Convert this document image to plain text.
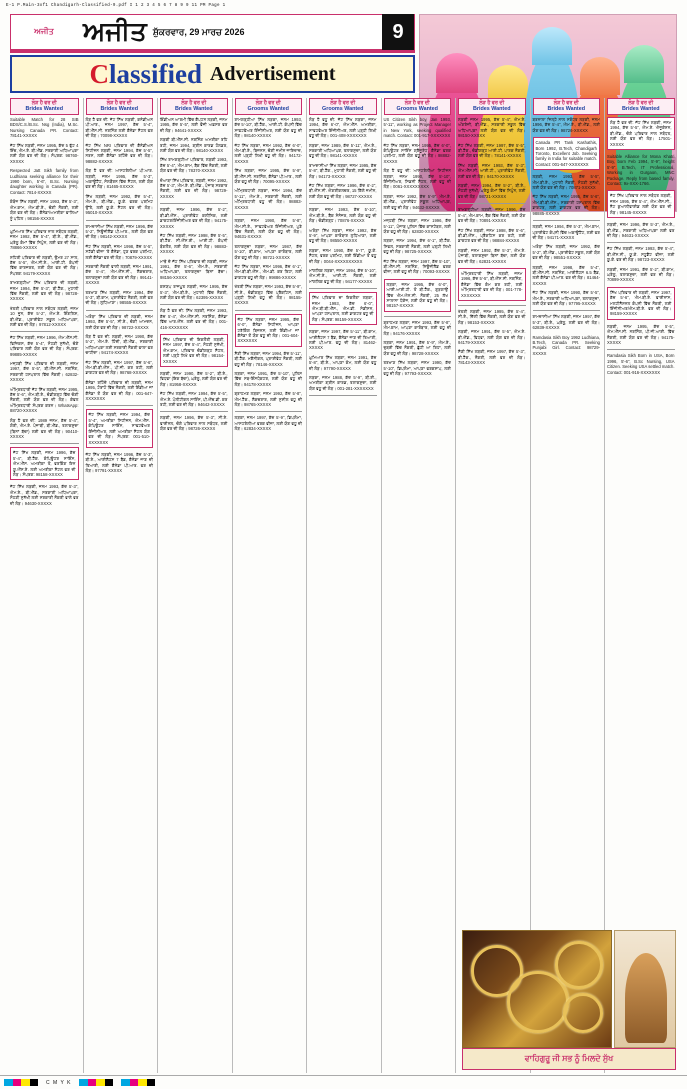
E-1 P.Main-3of1 Chandigarh-Classified-9.pdf I 1 2 3 4 5 6 7 8 9 9 11 PM Page 1
ਅਜੀਤ	ਅਜੀਤ ਸ਼ੁੱਕਰਵਾਰ, 29 ਮਾਰਚ 2026	9
Classified Advertisement
ਲੋੜ ਹੈ ਵਰ ਦੀ
Brides Wanted
Suitable Match for 28 SIB BDS/C.S./B.Sc. Nsg (India), M.Sc. Nursing Canada PR. Contact: 78141-XXXXX
ਜੱਟ ਸਿੱਖ ਲੜਕੀ, ਜਨਮ 1995, ਕੱਦ 5 ਫੁੱਟ 4 ਇੰਚ, ਐਮ.ਏ. ਬੀ.ਐੱਡ. ਸਰਕਾਰੀ ਅਧਿਆਪਕਾ ਲਈ ਯੋਗ ਵਰ ਦੀ ਲੋੜ। ਸੰਪਰਕ: 98760-XXXXX
Respected Jatt Sikh family from Ludhiana seeking alliance for their 1990 born, 5'-6", B.Sc. Nursing daughter working in Canada (PR). Contact: 7814-XXXXX
ਕੰਬੋਜ ਸਿੱਖ ਲੜਕੀ, ਜਨਮ 1993, ਕੱਦ 5'-3", ਐਮ.ਕਾਮ, ਐਮ.ਬੀ.ਏ., ਚੰਗੀ ਨੌਕਰੀ, ਲਈ ਯੋਗ ਵਰ ਦੀ ਲੋੜ। ਕੈਨੇਡਾ/ਅਮਰੀਕਾ ਵਾਲਿਆਂ ਨੂੰ ਪਹਿਲ। 98156-XXXXX
ਘੁਮਿਆਰ ਸਿੱਖ ਪਰਿਵਾਰ ਨਾਲ ਸਬੰਧਤ ਲੜਕੀ, ਜਨਮ 1992, ਕੱਦ 5'-4", ਬੀ.ਏ., ਬੀ.ਐੱਡ., ਘਰੇਲੂ ਕੰਮਾਂ ਵਿੱਚ ਨਿਪੁੰਨ, ਲਈ ਵਰ ਦੀ ਲੋੜ। 78866-XXXXX
ਸ਼ਹਿਰੀ ਪਰਿਵਾਰ ਦੀ ਲੜਕੀ, ਉਮਰ 27 ਸਾਲ, ਕੱਦ 5'-5", ਐਮ.ਸੀ.ਏ., ਆਈ.ਟੀ. ਕੰਪਨੀ ਵਿੱਚ ਕਾਰਜਰਤ, ਲਈ ਯੋਗ ਵਰ ਦੀ ਲੋੜ। ਸੰਪਰਕ: 94179-XXXXX
ਰਾਮਗੜ੍ਹੀਆ ਸਿੱਖ ਪਰਿਵਾਰ ਦੀ ਲੜਕੀ, ਜਨਮ 1994, ਕੱਦ 5'-3", ਬੀ.ਟੈੱਕ., ਮੁਹਾਲੀ ਵਿੱਚ ਨੌਕਰੀ, ਲਈ ਵਰ ਦੀ ਲੋੜ। 98728-XXXXX
ਖੱਤਰੀ ਪਰਿਵਾਰ ਨਾਲ ਸਬੰਧਤ ਲੜਕੀ, ਜਨਮ 10 ਜੂਨ, ਕੱਦ 5'-2", ਐਮ.ਏ. ਇੰਗਲਿਸ਼, ਬੀ.ਐੱਡ., ਪ੍ਰਾਈਵੇਟ ਸਕੂਲ ਅਧਿਆਪਕਾ, ਲਈ ਵਰ ਦੀ ਲੋੜ। 97812-XXXXX
ਜੱਟ ਸਿੱਖ ਲੜਕੀ, ਜਨਮ 1996, ਐਮ.ਐੱਸ.ਸੀ. ਫਿਜ਼ਿਕਸ, ਕੱਦ 5'-4", ਸੋਹਣੀ ਸੁਨੱਖੀ, ਚੰਗੇ ਪਰਿਵਾਰ ਲਈ ਯੋਗ ਵਰ ਦੀ ਲੋੜ। ਸੰਪਰਕ: 99885-XXXXX
ਮਜ਼੍ਹਬੀ ਸਿੱਖ ਪਰਿਵਾਰ ਦੀ ਲੜਕੀ, ਜਨਮ 1997, ਕੱਦ 5'-5", ਬੀ.ਐੱਸ.ਸੀ. ਨਰਸਿੰਗ, ਸਰਕਾਰੀ ਹਸਪਤਾਲ ਵਿੱਚ ਨੌਕਰੀ। 62832-XXXXX
ਅੰਮ੍ਰਿਤਧਾਰੀ ਜੱਟ ਸਿੱਖ ਲੜਕੀ, ਜਨਮ 1995, ਕੱਦ 5'-6", ਐਮ.ਬੀ.ਏ., ਚੰਡੀਗੜ੍ਹ ਵਿੱਚ ਚੰਗੀ ਨੌਕਰੀ, ਲਈ ਯੋਗ ਵਰ ਦੀ ਲੋੜ। ਕੇਵਲ ਅੰਮ੍ਰਿਤਧਾਰੀ ਸੰਪਰਕ ਕਰਨ। WhatsApp: 88720-XXXXX
ਲੋੜ ਹੈ ਵਰ ਦੀ: 1989 ਜਨਮ, ਕੱਦ 5'-4", ਗੋਰੀ, ਐਮ.ਏ. ਪੰਜਾਬੀ, ਬੀ.ਐੱਡ., ਤਲਾਕਸ਼ੁਦਾ (ਬਿਨਾਂ ਬੱਚਾ) ਲਈ ਵਰ ਦੀ ਲੋੜ। 90410-XXXXX
ਜੱਟ ਸਿੱਖ ਲੜਕੀ, ਜਨਮ 1996, ਕੱਦ 5'-4", ਬੀ.ਟੈੱਕ. ਕੰਪਿਊਟਰ ਸਾਇੰਸ, ਐਮ.ਐੱਸ. ਅਮਰੀਕਾ ਤੋਂ, ਵਰਕਿੰਗ ਇਨ ਯੂ.ਐੱਸ.ਏ. ਲਈ ਅਮਰੀਕਾ ਸੈਟਲ ਵਰ ਦੀ ਲੋੜ। ਸੰਪਰਕ: 98158-XXXXX
ਜੱਟ ਸਿੱਖ ਲੜਕੀ, ਜਨਮ 1993, ਕੱਦ 5'-3", ਐਮ.ਏ., ਬੀ.ਐੱਡ., ਸਰਕਾਰੀ ਅਧਿਆਪਕਾ, ਸੋਹਣੀ ਸੁਨੱਖੀ ਲਈ ਸਰਕਾਰੀ ਨੌਕਰੀ ਵਾਲੇ ਵਰ ਦੀ ਲੋੜ। 94630-XXXXX
ਲੋੜ ਹੈ ਵਰ ਦੀ
Brides Wanted
ਲੋੜ ਹੈ ਵਰ ਦੀ: ਜੱਟ ਸਿੱਖ ਲੜਕੀ, ਕਨੇਡੀਅਨ ਪੀ.ਆਰ., ਜਨਮ 1997, ਕੱਦ 5'-4", ਬੀ.ਐੱਸ.ਸੀ. ਨਰਸਿੰਗ ਲਈ ਕੈਨੇਡਾ ਸੈਟਲ ਵਰ ਦੀ ਲੋੜ। 70098-XXXXX
ਜੱਟ ਸਿੱਖ NRI ਪਰਿਵਾਰ ਦੀ ਕੈਨੇਡੀਅਨ ਸਿਟੀਜ਼ਨ ਲੜਕੀ, ਜਨਮ 1994, ਕੱਦ 5'-5", ਨਰਸ, ਲਈ ਕੈਨੇਡਾ ਰਹਿੰਦੇ ਵਰ ਦੀ ਲੋੜ। 98882-XXXXX
ਲੋੜ ਹੈ ਵਰ ਦੀ: ਆਸਟਰੇਲੀਆ ਪੀ.ਆਰ. ਲੜਕੀ, ਜਨਮ 1995, ਕੱਦ 5'-3", ਅਕਾਊਂਟੈਂਟ, ਮੈਲਬੌਰਨ ਵਿੱਚ ਸੈਟਲ, ਲਈ ਯੋਗ ਵਰ ਦੀ ਲੋੜ। 81465-XXXXX
ਸਿੱਖ ਲੜਕੀ, ਜਨਮ 1992, ਕੱਦ 5'-4", ਐਮ.ਏ., ਬੀ.ਐੱਡ., ਯੂ.ਕੇ. ਵਰਕ ਪਰਮਿਟ ਉੱਤੇ, ਲਈ ਯੂ.ਕੇ. ਸੈਟਲ ਵਰ ਦੀ ਲੋੜ। 95010-XXXXX
ਰਾਮਦਾਸੀਆ ਸਿੱਖ ਲੜਕੀ, ਜਨਮ 1996, ਕੱਦ 5'-2", ਨਿਊਜ਼ੀਲੈਂਡ ਪੀ.ਆਰ., ਲਈ ਯੋਗ ਵਰ ਦੀ ਲੋੜ। 98142-XXXXX
ਜੱਟ ਸਿੱਖ ਲੜਕੀ, ਜਨਮ 1998, ਕੱਦ 5'-5", ਸਟੱਡੀ ਵੀਜ਼ਾ 'ਤੇ ਕੈਨੇਡਾ, ਹੁਣ ਵਰਕ ਪਰਮਿਟ, ਲਈ ਕੈਨੇਡਾ ਵਰ ਦੀ ਲੋੜ। 70879-XXXXX
ਸਰਕਾਰੀ ਨੌਕਰੀ ਵਾਲੀ ਲੜਕੀ, ਜਨਮ 1991, ਕੱਦ 5'-4", ਐਮ.ਐੱਸ.ਸੀ., ਲੈਕਚਰਾਰ, ਤਲਾਕਸ਼ੁਦਾ ਲਈ ਯੋਗ ਵਰ ਦੀ ਲੋੜ। 99141-XXXXX
ਤਰਖਾਣ ਸਿੱਖ ਲੜਕੀ, ਜਨਮ 1994, ਕੱਦ 5'-3", ਬੀ.ਕਾਮ, ਪ੍ਰਾਈਵੇਟ ਨੌਕਰੀ, ਲਈ ਵਰ ਦੀ ਲੋੜ। ਲੁਧਿਆਣਾ। 98555-XXXXX
ਅਰੋੜਾ ਸਿੱਖ ਪਰਿਵਾਰ ਦੀ ਲੜਕੀ, ਜਨਮ 1993, ਕੱਦ 5'-5", ਸੀ.ਏ., ਚੰਗੀ ਆਮਦਨ, ਲਈ ਯੋਗ ਵਰ ਦੀ ਲੋੜ। 98722-XXXXX
ਲੋੜ ਹੈ ਵਰ ਦੀ: ਲੜਕੀ, ਜਨਮ 1990, ਕੱਦ 5'-2", ਐਮ.ਏ. ਹਿੰਦੀ, ਬੀ.ਐੱਡ., ਸਰਕਾਰੀ ਅਧਿਆਪਕਾ ਲਈ ਸਰਕਾਰੀ ਨੌਕਰੀ ਵਾਲਾ ਵਰ ਚਾਹੀਦਾ। 94174-XXXXX
ਜੱਟ ਸਿੱਖ ਲੜਕੀ, ਜਨਮ 1997, ਕੱਦ 5'-6", ਐਮ.ਬੀ.ਬੀ.ਐੱਸ., ਪੀ.ਜੀ. ਕਰ ਰਹੀ, ਲਈ ਡਾਕਟਰ ਵਰ ਦੀ ਲੋੜ। 98768-XXXXX
ਕੈਨੇਡਾ ਰਹਿੰਦੇ ਪਰਿਵਾਰ ਦੀ ਲੜਕੀ, ਜਨਮ 1995, ਟੋਰਾਂਟੋ ਵਿੱਚ ਨੌਕਰੀ, ਲਈ ਇੰਡੀਆ ਜਾਂ ਕੈਨੇਡਾ ਤੋਂ ਯੋਗ ਵਰ ਦੀ ਲੋੜ। 001-647-XXXXXXX
ਜੱਟ ਸਿੱਖ ਲੜਕੀ, ਜਨਮ 1994, ਕੱਦ 5'-4", ਅਮਰੀਕਾ ਸਿਟੀਜ਼ਨ, ਐਮ.ਐੱਸ. ਕੰਪਿਊਟਰ ਸਾਇੰਸ, ਸਾਫਟਵੇਅਰ ਇੰਜੀਨੀਅਰ, ਲਈ ਅਮਰੀਕਾ ਸੈਟਲ ਯੋਗ ਵਰ ਦੀ ਲੋੜ। ਸੰਪਰਕ: 001-510-XXXXXXX
ਜੱਟ ਸਿੱਖ ਲੜਕੀ, ਜਨਮ 1996, ਕੱਦ 5'-3", ਬੀ.ਏ., ਆਈਲੈਟਸ 7 ਬੈਂਡ, ਕੈਨੇਡਾ ਜਾਣ ਦੀ ਤਿਆਰੀ, ਲਈ ਕੈਨੇਡਾ ਪੀ.ਆਰ. ਵਰ ਦੀ ਲੋੜ। 97791-XXXXX
ਲੋੜ ਹੈ ਵਰ ਦੀ
Brides Wanted
ਇੰਡੀਅਨ ਆਰਮੀ ਵਿੱਚ ਕੈਪਟਨ ਲੜਕੀ, ਜਨਮ 1995, ਕੱਦ 5'-5", ਲਈ ਫੌਜੀ ਅਫ਼ਸਰ ਵਰ ਦੀ ਲੋੜ। 94641-XXXXX
ਲੜਕੀ ਬੀ.ਐੱਸ.ਸੀ. ਨਰਸਿੰਗ ਅਮਰੀਕਾ ਰਹਿ ਰਹੀ, ਜਨਮ 1994, ਗ੍ਰੀਨ ਕਾਰਡ ਹੋਲਡਰ, ਲਈ ਯੋਗ ਵਰ ਦੀ ਲੋੜ। 98140-XXXXX
ਸਿੱਖ ਰਾਮਗੜ੍ਹੀਆ ਪਰਿਵਾਰ, ਲੜਕੀ 1993, ਕੱਦ 5'-4", ਐਮ.ਕਾਮ, ਬੈਂਕ ਵਿੱਚ ਨੌਕਰੀ, ਲਈ ਯੋਗ ਵਰ ਦੀ ਲੋੜ। 78370-XXXXX
ਦੋਆਬਾ ਸਿੱਖ ਪਰਿਵਾਰ, ਲੜਕੀ, ਜਨਮ 1992, ਕੱਦ 5'-3", ਐਮ.ਏ. ਬੀ.ਐੱਡ., ਪੰਜਾਬ ਸਰਕਾਰ ਨੌਕਰੀ, ਲਈ ਵਰ ਦੀ ਲੋੜ। 98729-XXXXX
ਲੜਕੀ, ਜਨਮ 1996, ਕੱਦ 5'-2", ਬੀ.ਡੀ.ਐੱਸ., ਪ੍ਰਾਈਵੇਟ ਕਲੀਨਿਕ, ਲਈ ਡਾਕਟਰ/ਇੰਜੀਨੀਅਰ ਵਰ ਦੀ ਲੋੜ। 94175-XXXXX
ਜੱਟ ਸਿੱਖ ਲੜਕੀ, ਜਨਮ 1998, ਕੱਦ 5'-5", ਬੀ.ਟੈੱਕ. ਸੀ.ਐੱਸ.ਈ., ਆਈ.ਟੀ. ਕੰਪਨੀ ਬੰਗਲੌਰ, ਲਈ ਯੋਗ ਵਰ ਦੀ ਲੋੜ। 98883-XXXXX
ਮਾਝੇ ਦੇ ਜੱਟ ਸਿੱਖ ਪਰਿਵਾਰ ਦੀ ਲੜਕੀ, ਜਨਮ 1991, ਕੱਦ 5'-6", ਐਮ.ਏ., ਸਰਕਾਰੀ ਅਧਿਆਪਕਾ, ਤਲਾਕਸ਼ੁਦਾ ਬਿਨਾਂ ਬੱਚਾ। 98156-XXXXX
ਕਸ਼ਯਪ ਰਾਜਪੂਤ ਲੜਕੀ, ਜਨਮ 1995, ਕੱਦ 5'-3", ਐਮ.ਬੀ.ਏ., ਮੁਹਾਲੀ ਵਿੱਚ ਨੌਕਰੀ, ਲਈ ਯੋਗ ਵਰ ਦੀ ਲੋੜ। 62395-XXXXX
ਲੋੜ ਹੈ ਵਰ ਦੀ: ਸਿੱਖ ਲੜਕੀ, ਜਨਮ 1993, ਕੱਦ 5'-4", ਐਮ.ਐੱਸ.ਸੀ. ਨਰਸਿੰਗ, ਕੈਨੇਡਾ ਵਿੱਚ ਆਰ.ਐੱਨ. ਲਈ ਵਰ ਦੀ ਲੋੜ। 001-416-XXXXXXX
ਸਿੱਖ ਪਰਿਵਾਰ ਦੀ ਇਕਲੌਤੀ ਲੜਕੀ, ਜਨਮ 1997, ਕੱਦ 5'-4", ਸੋਹਣੀ ਸੁਨੱਖੀ, ਐਮ.ਕਾਮ, ਪਰਿਵਾਰ ਚੰਡੀਗੜ੍ਹ ਸੈਟਲ, ਲਈ ਪੜ੍ਹੇ ਲਿਖੇ ਵਰ ਦੀ ਲੋੜ। 98154-XXXXX
ਲੜਕੀ, ਜਨਮ 1990, ਕੱਦ 5'-2", ਬੀ.ਏ., ਵਿਧਵਾ (ਇਕ ਬੱਚਾ), ਘਰੇਲੂ, ਲਈ ਯੋਗ ਵਰ ਦੀ ਲੋੜ। 81958-XXXXX
ਜੱਟ ਸਿੱਖ ਲੜਕੀ, ਜਨਮ 1994, ਕੱਦ 5'-5", ਐਮ.ਏ. ਪੋਲੀਟੀਕਲ ਸਾਇੰਸ, ਪੀ.ਐੱਚ.ਡੀ. ਕਰ ਰਹੀ, ਲਈ ਵਰ ਦੀ ਲੋੜ। 94642-XXXXX
ਲੜਕੀ, ਜਨਮ 1996, ਕੱਦ 5'-3", ਸੀ.ਏ. ਫਾਈਨਲ, ਚੰਗੇ ਪਰਿਵਾਰ ਨਾਲ ਸਬੰਧਤ, ਲਈ ਯੋਗ ਵਰ ਦੀ ਲੋੜ। 98726-XXXXX
ਲੋੜ ਹੈ ਵਰ ਦੀ
Grooms Wanted
ਰਾਮਗੜ੍ਹੀਆ ਸਿੱਖ ਲੜਕਾ, ਜਨਮ 1993, ਕੱਦ 5'-10", ਬੀ.ਟੈੱਕ., ਆਈ.ਟੀ. ਕੰਪਨੀ ਵਿੱਚ ਸਾਫਟਵੇਅਰ ਇੰਜੀਨੀਅਰ, ਲਈ ਯੋਗ ਵਧੂ ਦੀ ਲੋੜ। 98140-XXXXX
ਜੱਟ ਸਿੱਖ ਲੜਕਾ, ਜਨਮ 1992, ਕੱਦ 6'-0", ਐਮ.ਬੀ.ਏ., ਬਿਜ਼ਨਸ, ਚੰਗੀ ਜ਼ਮੀਨ ਜਾਇਦਾਦ, ਲਈ ਪੜ੍ਹੀ ਲਿਖੀ ਵਧੂ ਦੀ ਲੋੜ। 94172-XXXXX
ਸਿੱਖ ਲੜਕਾ, ਜਨਮ 1995, ਕੱਦ 5'-9", ਬੀ.ਐੱਸ.ਸੀ. ਨਰਸਿੰਗ, ਕੈਨੇਡਾ ਪੀ.ਆਰ., ਲਈ ਯੋਗ ਵਧੂ ਦੀ ਲੋੜ। 70095-XXXXX
ਅੰਮ੍ਰਿਤਧਾਰੀ ਲੜਕਾ, ਜਨਮ 1994, ਕੱਦ 5'-11", ਐਮ.ਏ., ਸਰਕਾਰੀ ਨੌਕਰੀ, ਲਈ ਅੰਮ੍ਰਿਤਧਾਰੀ ਵਧੂ ਦੀ ਲੋੜ। 98883-XXXXX
ਲੜਕਾ, ਜਨਮ 1990, ਕੱਦ 5'-8", ਐਮ.ਸੀ.ਏ., ਸਾਫਟਵੇਅਰ ਇੰਜੀਨੀਅਰ, ਪੁਣੇ ਵਿੱਚ ਨੌਕਰੀ, ਲਈ ਯੋਗ ਵਧੂ ਦੀ ਲੋੜ। 94631-XXXXX
ਤਲਾਕਸ਼ੁਦਾ ਲੜਕਾ, ਜਨਮ 1987, ਕੱਦ 5'-10", ਬੀ.ਕਾਮ, ਆਪਣਾ ਕਾਰੋਬਾਰ, ਲਈ ਯੋਗ ਵਧੂ ਦੀ ਲੋੜ। 98721-XXXXX
ਜੱਟ ਸਿੱਖ ਲੜਕਾ, ਜਨਮ 1996, ਕੱਦ 6'-1", ਐਮ.ਬੀ.ਬੀ.ਐੱਸ., ਐਮ.ਡੀ. ਕਰ ਰਿਹਾ, ਲਈ ਡਾਕਟਰ ਵਧੂ ਦੀ ਲੋੜ। 99886-XXXXX
ਖੱਤਰੀ ਸਿੱਖ ਲੜਕਾ, ਜਨਮ 1993, ਕੱਦ 5'-9", ਸੀ.ਏ., ਚੰਡੀਗੜ੍ਹ ਵਿੱਚ ਪ੍ਰੈਕਟਿਸ, ਲਈ ਪੜ੍ਹੀ ਲਿਖੀ ਵਧੂ ਦੀ ਲੋੜ। 98155-XXXXX
ਜੱਟ ਸਿੱਖ ਲੜਕਾ, ਜਨਮ 1995, ਕੱਦ 6'-0", ਕੈਨੇਡਾ ਸਿਟੀਜ਼ਨ, ਆਪਣਾ ਟਰੱਕਿੰਗ ਬਿਜ਼ਨਸ, ਲਈ ਇੰਡੀਆ ਜਾਂ ਕੈਨੇਡਾ ਤੋਂ ਯੋਗ ਵਧੂ ਦੀ ਲੋੜ। 001-604-XXXXXXX
ਸੈਣੀ ਸਿੱਖ ਲੜਕਾ, ਜਨਮ 1994, ਕੱਦ 5'-11", ਬੀ.ਟੈੱਕ. ਮਕੈਨੀਕਲ, ਪ੍ਰਾਈਵੇਟ ਨੌਕਰੀ, ਲਈ ਵਧੂ ਦੀ ਲੋੜ। 78146-XXXXX
ਲੜਕਾ, ਜਨਮ 1991, ਕੱਦ 5'-10", ਪੁਲਿਸ ਵਿੱਚ ਸਬ-ਇੰਸਪੈਕਟਰ, ਲਈ ਯੋਗ ਵਧੂ ਦੀ ਲੋੜ। 94178-XXXXX
ਬ੍ਰਾਹਮਣ ਲੜਕਾ, ਜਨਮ 1992, ਕੱਦ 5'-8", ਐਮ.ਟੈੱਕ., ਲੈਕਚਰਾਰ, ਲਈ ਸੁਸ਼ੀਲ ਵਧੂ ਦੀ ਲੋੜ। 98765-XXXXX
ਲੜਕਾ, ਜਨਮ 1997, ਕੱਦ 5'-9", ਡਿਪਲੋਮਾ, ਆਸਟਰੇਲੀਆ ਵਰਕ ਵੀਜ਼ਾ, ਲਈ ਯੋਗ ਵਧੂ ਦੀ ਲੋੜ। 62834-XXXXX
ਲੋੜ ਹੈ ਵਰ ਦੀ
Grooms Wanted
ਲੋੜ ਹੈ ਵਧੂ ਦੀ: ਜੱਟ ਸਿੱਖ ਲੜਕਾ, ਜਨਮ 1994, ਕੱਦ 6'-0", ਐਮ.ਐੱਸ. ਅਮਰੀਕਾ, ਸਾਫਟਵੇਅਰ ਇੰਜੀਨੀਅਰ, ਲਈ ਪੜ੍ਹੀ ਲਿਖੀ ਵਧੂ ਦੀ ਲੋੜ। 001-408-XXXXXXX
ਲੜਕਾ, ਜਨਮ 1989, ਕੱਦ 5'-11", ਐਮ.ਏ., ਸਰਕਾਰੀ ਅਧਿਆਪਕ, ਤਲਾਕਸ਼ੁਦਾ, ਲਈ ਯੋਗ ਵਧੂ ਦੀ ਲੋੜ। 98141-XXXXX
ਰਾਮਦਾਸੀਆ ਸਿੱਖ ਲੜਕਾ, ਜਨਮ 1995, ਕੱਦ 5'-8", ਬੀ.ਟੈੱਕ., ਮੁਹਾਲੀ ਨੌਕਰੀ, ਲਈ ਵਧੂ ਦੀ ਲੋੜ। 94173-XXXXX
ਜੱਟ ਸਿੱਖ ਲੜਕਾ, ਜਨਮ 1996, ਕੱਦ 6'-2", ਬੀ.ਐੱਸ.ਸੀ. ਐਗਰੀਕਲਚਰ, 15 ਕਿੱਲੇ ਜ਼ਮੀਨ, ਲਈ ਯੋਗ ਵਧੂ ਦੀ ਲੋੜ। 98727-XXXXX
ਲੜਕਾ, ਜਨਮ 1993, ਕੱਦ 5'-10", ਐਮ.ਬੀ.ਏ., ਬੈਂਕ ਮੈਨੇਜਰ, ਲਈ ਯੋਗ ਵਧੂ ਦੀ ਲੋੜ। ਚੰਡੀਗੜ੍ਹ। 70876-XXXXX
ਅਰੋੜਾ ਸਿੱਖ ਲੜਕਾ, ਜਨਮ 1992, ਕੱਦ 5'-9", ਆਪਣਾ ਕਾਰੋਬਾਰ ਲੁਧਿਆਣਾ, ਲਈ ਵਧੂ ਦੀ ਲੋੜ। 98550-XXXXX
ਲੜਕਾ, ਜਨਮ 1990, ਕੱਦ 5'-7", ਯੂ.ਕੇ. ਸੈਟਲ, ਵਰਕ ਪਰਮਿਟ, ਲਈ ਇੰਡੀਆ ਤੋਂ ਵਧੂ ਦੀ ਲੋੜ। 0044-XXXXXXXXXX
ਮਾਂਗਲਿਕ ਲੜਕਾ, ਜਨਮ 1994, ਕੱਦ 5'-10", ਐਮ.ਸੀ.ਏ., ਆਈ.ਟੀ. ਨੌਕਰੀ, ਲਈ ਮਾਂਗਲਿਕ ਵਧੂ ਦੀ ਲੋੜ। 94177-XXXXX
ਸਿੱਖ ਪਰਿਵਾਰ ਦਾ ਇਕਲੌਤਾ ਲੜਕਾ, ਜਨਮ 1993, ਕੱਦ 6'-0", ਐਮ.ਬੀ.ਬੀ.ਐੱਸ., ਐਮ.ਡੀ. ਮੈਡੀਸਨ, ਆਪਣਾ ਹਸਪਤਾਲ, ਲਈ ਡਾਕਟਰ ਵਧੂ ਦੀ ਲੋੜ। ਸੰਪਰਕ: 98159-XXXXX
ਲੜਕਾ, ਜਨਮ 1997, ਕੱਦ 5'-11", ਬੀ.ਕਾਮ, ਆਈਲੈਟਸ 7 ਬੈਂਡ, ਕੈਨੇਡਾ ਜਾਣ ਦੀ ਤਿਆਰੀ, ਲਈ ਪੀ.ਆਰ. ਵਧੂ ਦੀ ਲੋੜ। 81462-XXXXX
ਘੁਮਿਆਰ ਸਿੱਖ ਲੜਕਾ, ਜਨਮ 1991, ਕੱਦ 5'-8", ਬੀ.ਏ., ਆਪਣਾ ਕੰਮ, ਲਈ ਯੋਗ ਵਧੂ ਦੀ ਲੋੜ। 97790-XXXXX
ਲੜਕਾ, ਜਨਮ 1988, ਕੱਦ 5'-9", ਬੀ.ਈ., ਅਮਰੀਕਾ ਗ੍ਰੀਨ ਕਾਰਡ, ਤਲਾਕਸ਼ੁਦਾ, ਲਈ ਯੋਗ ਵਧੂ ਦੀ ਲੋੜ। 001-281-XXXXXXX
ਲੋੜ ਹੈ ਵਰ ਦੀ
Grooms Wanted
US Citizen Sikh boy, Jan 1993, 5'-11", working as Project Manager in New York, seeking qualified match. Contact: 001-917-XXXXXXX
ਜੱਟ ਸਿੱਖ ਲੜਕਾ, ਜਨਮ 1995, ਕੱਦ 6'-0", ਕੰਪਿਊਟਰ ਸਾਇੰਸ ਗ੍ਰੈਜੂਏਟ, ਕੈਨੇਡਾ ਵਰਕ ਪਰਮਿਟ, ਲਈ ਯੋਗ ਵਧੂ ਦੀ ਲੋੜ। 98882-XXXXX
ਲੋੜ ਹੈ ਵਧੂ ਦੀ: ਆਸਟਰੇਲੀਆ ਸਿਟੀਜ਼ਨ ਲੜਕਾ, ਜਨਮ 1990, ਕੱਦ 5'-10", ਇੰਜੀਨੀਅਰ, ਸਿਡਨੀ ਸੈਟਲ, ਲਈ ਵਧੂ ਦੀ ਲੋੜ। 0061-XXXXXXXXX
ਲੜਕਾ, ਜਨਮ 1992, ਕੱਦ 5'-9", ਐਮ.ਏ. ਬੀ.ਐੱਡ., ਪ੍ਰਾਈਵੇਟ ਸਕੂਲ ਅਧਿਆਪਕ, ਲਈ ਵਧੂ ਦੀ ਲੋੜ। 94632-XXXXX
ਮਜ਼੍ਹਬੀ ਸਿੱਖ ਲੜਕਾ, ਜਨਮ 1996, ਕੱਦ 5'-11", ਪੰਜਾਬ ਪੁਲਿਸ ਵਿੱਚ ਕਾਂਸਟੇਬਲ, ਲਈ ਯੋਗ ਵਧੂ ਦੀ ਲੋੜ। 62830-XXXXX
ਲੜਕਾ, ਜਨਮ 1994, ਕੱਦ 6'-1", ਬੀ.ਟੈੱਕ. ਸਿਵਲ, ਸਰਕਾਰੀ ਨੌਕਰੀ, ਲਈ ਪੜ੍ਹੀ ਲਿਖੀ ਵਧੂ ਦੀ ਲੋੜ। 98725-XXXXX
ਜੱਟ ਸਿੱਖ ਲੜਕਾ, ਜਨਮ 1997, ਕੱਦ 5'-10", ਬੀ.ਐੱਸ.ਸੀ. ਨਰਸਿੰਗ, ਨਿਊਜ਼ੀਲੈਂਡ ਵਰਕ ਵੀਜ਼ਾ, ਲਈ ਵਧੂ ਦੀ ਲੋੜ। 70093-XXXXX
ਲੜਕਾ, ਜਨਮ 1995, ਕੱਦ 6'-0", ਆਈ.ਆਈ.ਟੀ. ਤੋਂ ਬੀ.ਟੈੱਕ., ਗੁੜਗਾਉਂ ਵਿੱਚ ਐਮ.ਐਨ.ਸੀ. ਨੌਕਰੀ, 25 ਲੱਖ ਸਾਲਾਨਾ ਪੈਕੇਜ, ਲਈ ਯੋਗ ਵਧੂ ਦੀ ਲੋੜ। 98157-XXXXX
ਬ੍ਰਾਹਮਣ ਲੜਕਾ, ਜਨਮ 1993, ਕੱਦ 5'-8", ਐਮ.ਕਾਮ, ਆਪਣਾ ਕਾਰੋਬਾਰ, ਲਈ ਵਧੂ ਦੀ ਲੋੜ। 94176-XXXXX
ਲੜਕਾ, ਜਨਮ 1991, ਕੱਦ 5'-9", ਐਮ.ਏ., ਦੁਬਈ ਵਿੱਚ ਨੌਕਰੀ, ਛੁੱਟੀ ਆ ਰਿਹਾ, ਲਈ ਯੋਗ ਵਧੂ ਦੀ ਲੋੜ। 98728-XXXXX
ਤਰਖਾਣ ਸਿੱਖ ਲੜਕਾ, ਜਨਮ 1990, ਕੱਦ 5'-10", ਡਿਪਲੋਮਾ, ਆਪਣਾ ਵਰਕਸ਼ਾਪ, ਲਈ ਵਧੂ ਦੀ ਲੋੜ। 97793-XXXXX
ਲੋੜ ਹੈ ਵਰ ਦੀ
Brides Wanted
ਲੜਕੀ ਜਨਮ 1995, ਕੱਦ 5'-4", ਐਮ.ਏ. ਅੰਗਰੇਜ਼ੀ, ਬੀ.ਐੱਡ., ਸਰਕਾਰੀ ਸਕੂਲ ਵਿੱਚ ਅਧਿਆਪਕਾ ਲਈ ਯੋਗ ਵਰ ਦੀ ਲੋੜ। 98150-XXXXX
ਜੱਟ ਸਿੱਖ ਲੜਕੀ, ਜਨਮ 1997, ਕੱਦ 5'-5", ਬੀ.ਟੈੱਕ., ਚੰਡੀਗੜ੍ਹ ਆਈ.ਟੀ. ਪਾਰਕ ਨੌਕਰੀ, ਲਈ ਯੋਗ ਵਰ ਦੀ ਲੋੜ। 78141-XXXXX
ਸਿੱਖ ਲੜਕੀ, ਜਨਮ 1993, ਕੱਦ 5'-3", ਐਮ.ਐੱਸ.ਸੀ. ਆਈ.ਟੀ., ਪ੍ਰਾਈਵੇਟ ਨੌਕਰੀ, ਲਈ ਵਰ ਦੀ ਲੋੜ। 94170-XXXXX
ਲੜਕੀ, ਜਨਮ 1994, ਕੱਦ 5'-2", ਬੀ.ਏ., ਸੋਹਣੀ ਸੁਨੱਖੀ, ਘਰੇਲੂ ਕੰਮਾਂ ਵਿੱਚ ਨਿਪੁੰਨ, ਲਈ ਵਰ ਦੀ ਲੋੜ। 98721-XXXXX
ਰਾਮਗੜ੍ਹੀਆ ਲੜਕੀ, ਜਨਮ 1996, ਕੱਦ 5'-4", ਐਮ.ਕਾਮ, ਬੈਂਕ ਵਿੱਚ ਨੌਕਰੀ, ਲਈ ਯੋਗ ਵਰ ਦੀ ਲੋੜ। 70891-XXXXX
ਜੱਟ ਸਿੱਖ ਲੜਕੀ, ਜਨਮ 1998, ਕੱਦ 5'-6", ਬੀ.ਡੀ.ਐੱਸ., ਪ੍ਰੈਕਟਿਸ ਕਰ ਰਹੀ, ਲਈ ਡਾਕਟਰ ਵਰ ਦੀ ਲੋੜ। 98884-XXXXX
ਲੜਕੀ, ਜਨਮ 1992, ਕੱਦ 5'-3", ਐਮ.ਏ. ਪੰਜਾਬੀ, ਤਲਾਕਸ਼ੁਦਾ ਬਿਨਾਂ ਬੱਚਾ, ਲਈ ਯੋਗ ਵਰ ਦੀ ਲੋੜ। 62831-XXXXX
ਅੰਮ੍ਰਿਤਧਾਰੀ ਸਿੱਖ ਲੜਕੀ, ਜਨਮ 1996, ਕੱਦ 5'-5", ਬੀ.ਐੱਸ.ਸੀ. ਨਰਸਿੰਗ, ਕੈਨੇਡਾ ਵਿੱਚ ਕੰਮ ਕਰ ਰਹੀ, ਲਈ ਅੰਮ੍ਰਿਤਧਾਰੀ ਵਰ ਦੀ ਲੋੜ। 001-778-XXXXXXX
ਖੱਤਰੀ ਲੜਕੀ, ਜਨਮ 1995, ਕੱਦ 5'-4", ਸੀ.ਏ., ਦਿੱਲੀ ਵਿੱਚ ਨੌਕਰੀ, ਲਈ ਯੋਗ ਵਰ ਦੀ ਲੋੜ। 98153-XXXXX
ਲੜਕੀ, ਜਨਮ 1991, ਕੱਦ 5'-5", ਐਮ.ਏ. ਬੀ.ਐੱਡ., ਵਿਧਵਾ, ਲਈ ਯੋਗ ਵਰ ਦੀ ਲੋੜ। 94179-XXXXX
ਸੈਣੀ ਸਿੱਖ ਲੜਕੀ, ਜਨਮ 1997, ਕੱਦ 5'-3", ਬੀ.ਟੈੱਕ., ਨੌਕਰੀ, ਲਈ ਵਰ ਦੀ ਲੋੜ। 78143-XXXXX
ਲੋੜ ਹੈ ਵਰ ਦੀ
Brides Wanted
ਬਰਨਾਲਾ ਜ਼ਿਲ੍ਹੇ ਨਾਲ ਸਬੰਧਤ ਲੜਕੀ, ਜਨਮ 1996, ਕੱਦ 5'-4", ਐਮ.ਏ., ਬੀ.ਐੱਡ., ਲਈ ਯੋਗ ਵਰ ਦੀ ਲੋੜ। 98726-XXXXX
Canada PR Tank Kashathis, Born 1992, B.Tech, Chandigarh Toronto, Excellent Job. Seeking family in India for suitable match. Contact: 001-647-XXXXXXX
ਲੜਕੀ, ਜਨਮ 1993, ਕੱਦ 5'-5", ਐਮ.ਬੀ.ਏ., ਮੁਹਾਲੀ ਨੌਕਰੀ, ਸੋਹਣੀ ਸੁਨੱਖੀ, ਲਈ ਯੋਗ ਵਰ ਦੀ ਲੋੜ। 70871-XXXXX
ਜੱਟ ਸਿੱਖ ਲੜਕੀ, ਜਨਮ 1995, ਕੱਦ 5'-6", ਐਮ.ਬੀ.ਬੀ.ਐੱਸ., ਸਰਕਾਰੀ ਹਸਪਤਾਲ ਵਿੱਚ ਡਾਕਟਰ, ਲਈ ਡਾਕਟਰ ਵਰ ਦੀ ਲੋੜ। 98885-XXXXX
ਲੜਕੀ, ਜਨਮ 1994, ਕੱਦ 5'-3", ਐਮ.ਕਾਮ, ਪ੍ਰਾਈਵੇਟ ਕੰਪਨੀ ਵਿੱਚ ਅਕਾਊਂਟੈਂਟ, ਲਈ ਵਰ ਦੀ ਲੋੜ। 94171-XXXXX
ਅਰੋੜਾ ਸਿੱਖ ਲੜਕੀ, ਜਨਮ 1992, ਕੱਦ 5'-2", ਬੀ.ਐੱਡ., ਪ੍ਰਾਈਵੇਟ ਸਕੂਲ, ਲਈ ਯੋਗ ਵਰ ਦੀ ਲੋੜ। 98551-XXXXX
ਲੜਕੀ, ਜਨਮ 1998, ਕੱਦ 5'-4", ਬੀ.ਐੱਸ.ਸੀ. ਨਰਸਿੰਗ, ਆਈਲੈਟਸ 6.5 ਬੈਂਡ, ਲਈ ਕੈਨੇਡਾ ਪੀ.ਆਰ. ਵਰ ਦੀ ਲੋੜ। 81464-XXXXX
ਜੱਟ ਸਿੱਖ ਲੜਕੀ, ਜਨਮ 1990, ਕੱਦ 5'-5", ਐਮ.ਏ., ਸਰਕਾਰੀ ਅਧਿਆਪਕਾ, ਤਲਾਕਸ਼ੁਦਾ, ਲਈ ਯੋਗ ਵਰ ਦੀ ਲੋੜ। 97795-XXXXX
ਰਾਮਦਾਸੀਆ ਸਿੱਖ ਲੜਕੀ, ਜਨਮ 1997, ਕੱਦ 5'-3", ਬੀ.ਏ., ਘਰੇਲੂ, ਲਈ ਵਰ ਦੀ ਲੋੜ। 62839-XXXXX
Ramdasia Sikh Boy 1992 Ludhiana, B.Tech, Canada PR. Seeking Punjabi Girl. Contact: 98729-XXXXX
ਲੋੜ ਹੈ ਵਰ ਦੀ
Brides Wanted
ਲੋੜ ਹੈ ਵਰ ਦੀ: ਜੱਟ ਸਿੱਖ ਲੜਕੀ, ਜਨਮ 1994, ਕੱਦ 5'-5", ਐਮ.ਏ. ਐਜੂਕੇਸ਼ਨ, ਬੀ.ਐੱਡ., ਚੰਗੇ ਪਰਿਵਾਰ ਨਾਲ ਸਬੰਧਤ, ਲਈ ਯੋਗ ਵਰ ਦੀ ਲੋੜ। 17501-XXXXX
Suitable Alliance for Mona Khatri Boy, born Feb 1994, 5'-9", height 5'-9", B.Tech, IT Professional, Working in Gurgaon, MNC Package. Reply from based family. Contact: 9x-XXX-1766.
ਜੱਟ ਸਿੱਖ ਪਰਿਵਾਰ ਨਾਲ ਸਬੰਧਤ ਲੜਕੀ, ਜਨਮ 1995, ਕੱਦ 5'-4", ਐਮ.ਐੱਸ.ਸੀ., ਨੈਟ ਕੁਆਲੀਫਾਈਡ ਲਈ ਯੋਗ ਵਰ ਦੀ ਲੋੜ। 98145-XXXXX
ਲੜਕੀ, ਜਨਮ 1996, ਕੱਦ 5'-3", ਐਮ.ਏ., ਬੀ.ਐੱਡ., ਸਰਕਾਰੀ ਅਧਿਆਪਕਾ ਲਈ ਵਰ ਦੀ ਲੋੜ। 94631-XXXXX
ਜੱਟ ਸਿੱਖ ਲੜਕੀ, ਜਨਮ 1993, ਕੱਦ 5'-4", ਬੀ.ਐੱਸ.ਸੀ., ਯੂ.ਕੇ. ਸਟੂਡੈਂਟ ਵੀਜ਼ਾ, ਲਈ ਯੂ.ਕੇ. ਵਰ ਦੀ ਲੋੜ। 98723-XXXXX
ਲੜਕੀ, ਜਨਮ 1991, ਕੱਦ 5'-2", ਬੀ.ਕਾਮ, ਘਰੇਲੂ, ਤਲਾਕਸ਼ੁਦਾ, ਲਈ ਵਰ ਦੀ ਲੋੜ। 70899-XXXXX
ਸਿੱਖ ਪਰਿਵਾਰ ਦੀ ਲੜਕੀ, ਜਨਮ 1997, ਕੱਦ 5'-6", ਐਮ.ਬੀ.ਏ. ਫਾਈਨਾਂਸ, ਮਲਟੀਨੈਸ਼ਨਲ ਕੰਪਨੀ ਵਿੱਚ ਨੌਕਰੀ, ਲਈ ਇੰਜੀਨੀਅਰ/ਐਮ.ਬੀ.ਏ. ਵਰ ਦੀ ਲੋੜ। 98159-XXXXX
ਲੜਕੀ, ਜਨਮ 1995, ਕੱਦ 5'-5", ਐਮ.ਐੱਸ.ਸੀ. ਨਰਸਿੰਗ, ਪੀ.ਜੀ.ਆਈ. ਵਿੱਚ ਨੌਕਰੀ, ਲਈ ਯੋਗ ਵਰ ਦੀ ਲੋੜ। 94175-XXXXX
Ramdasia Sikh Born in USA, Born 1996, 5'-6", B.Sc Nursing, USA Citizen. Seeking USA settled match. Contact: 001-916-XXXXXXX
ਵਾਹਿਗੁਰੂ ਜੀ ਸਭ ਨੂੰ ਮਿਲਦੇ ਸੁੱਖ
C M Y K
